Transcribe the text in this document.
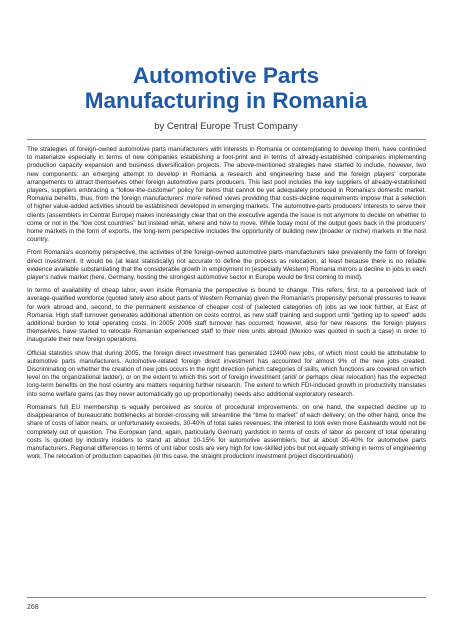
Automotive Parts
Manufacturing in Romania
by Central Europe Trust Company

The strategies of foreign-owned automotive parts manufacturers with interests in Romania or contemplating to develop them, have continued to materialize especially in terms of new companies establishing a foot-print and in terms of already-established companies implementing production capacity expansion and business diversification projects. The above-mentioned strategies have started to include, however, two new components: an emerging attempt to develop in Romania a research and engineering base and the foreign players' corporate arrangements to attract themselves other foreign automotive parts producers. This last pool includes the key suppliers of already-established players, suppliers embracing a “follow-the-customer” policy for items that cannot be yet adequately produced in Romania's domestic market. Romania benefits, thus, from the foreign manufacturers' more refined views providing that costs-decline requirements impose that a selection of higher value-added activities should be established/ developed in emerging markets. The automotive-parts producers' interests to serve their clients (assemblers in Central Europe) makes increasingly clear that on the executive agenda the issue is not anymore to decide on whether to come or not in the “low cost countries” but instead what, where and how to move. While today most of the output goes back in the producers' home markets in the form of exports, the long-term perspective includes the opportunity of building new (broader or niche) markets in the host country.

From Romania's economy perspective, the activities of the foreign-owned automotive parts manufacturers take prevalently the form of foreign direct investment. It would be (at least statistically) not accurate to define the process as relocation, at least because there is no reliable evidence available substantiating that the considerable growth in employment in (especially Western) Romania mirrors a decline in jobs in each player's native market (here, Germany, hosting the strongest automotive sector in Europe would be first coming to mind).

In terms of availability of cheap labor, even inside Romania the perspective is bound to change. This refers, first, to a perceived lack of average-qualified workforce (quoted lately also about parts of Western Romania) given the Romanian's propensity/ personal pressures to leave for work abroad and, second, to the permanent existence of cheaper cost of (selected categories of) jobs as we look further, at East of Romania. High staff turnover generates additional attention on costs control, as new staff training and support until “getting up to speed” adds additional burden to total operating costs. In 2005/ 2006 staff turnover has occurred, however, also for new reasons: the foreign players themselves, have started to relocate Romanian experienced staff to their new units abroad (Mexico was quoted in such a case) in order to inaugurate their new foreign operations.

Official statistics show that during 2005, the foreign direct investment has generated 12400 new jobs, of which most could be attributable to automotive parts manufacturers. Automotive-related foreign direct investment has accounted for almost 9% of the new jobs created. Discriminating on whether the creation of new jobs occurs in the right direction (which categories of skills, which functions are covered on which level on the organizational ladder), or on the extent to which this sort of foreign investment (and/ or perhaps clear relocation) has the expected long-term benefits on the host country are matters requiring further research. The extent to which FDI-induced growth in productivity translates into some welfare gains (as they never automatically go up proportionally) needs also additional exploratory research.

Romania's full EU membership is equally perceived as source of procedural improvements: on one hand, the expected decline up to disappearance of bureaucratic bottlenecks at border-crossing will streamline the “time to market” of each delivery; on the other hand, once the share of costs of labor nears, or unfortunately exceeds, 30-40% of total sales revenues, the interest to look even more Eastwards would not be completely out of question. The European (and, again, particularly German) yardstick in terms of costs of labor as percent of total operating costs is quoted by industry insiders to stand at about 10-15% for automotive assemblers, but at about 20-40% for automotive parts manufacturers. Regional differences in terms of unit labor costs are very high for low-skilled jobs but not equally striking in terms of engineering work. The relocation of production capacities (in this case, the straight production/ investment project discontinuation)

268
